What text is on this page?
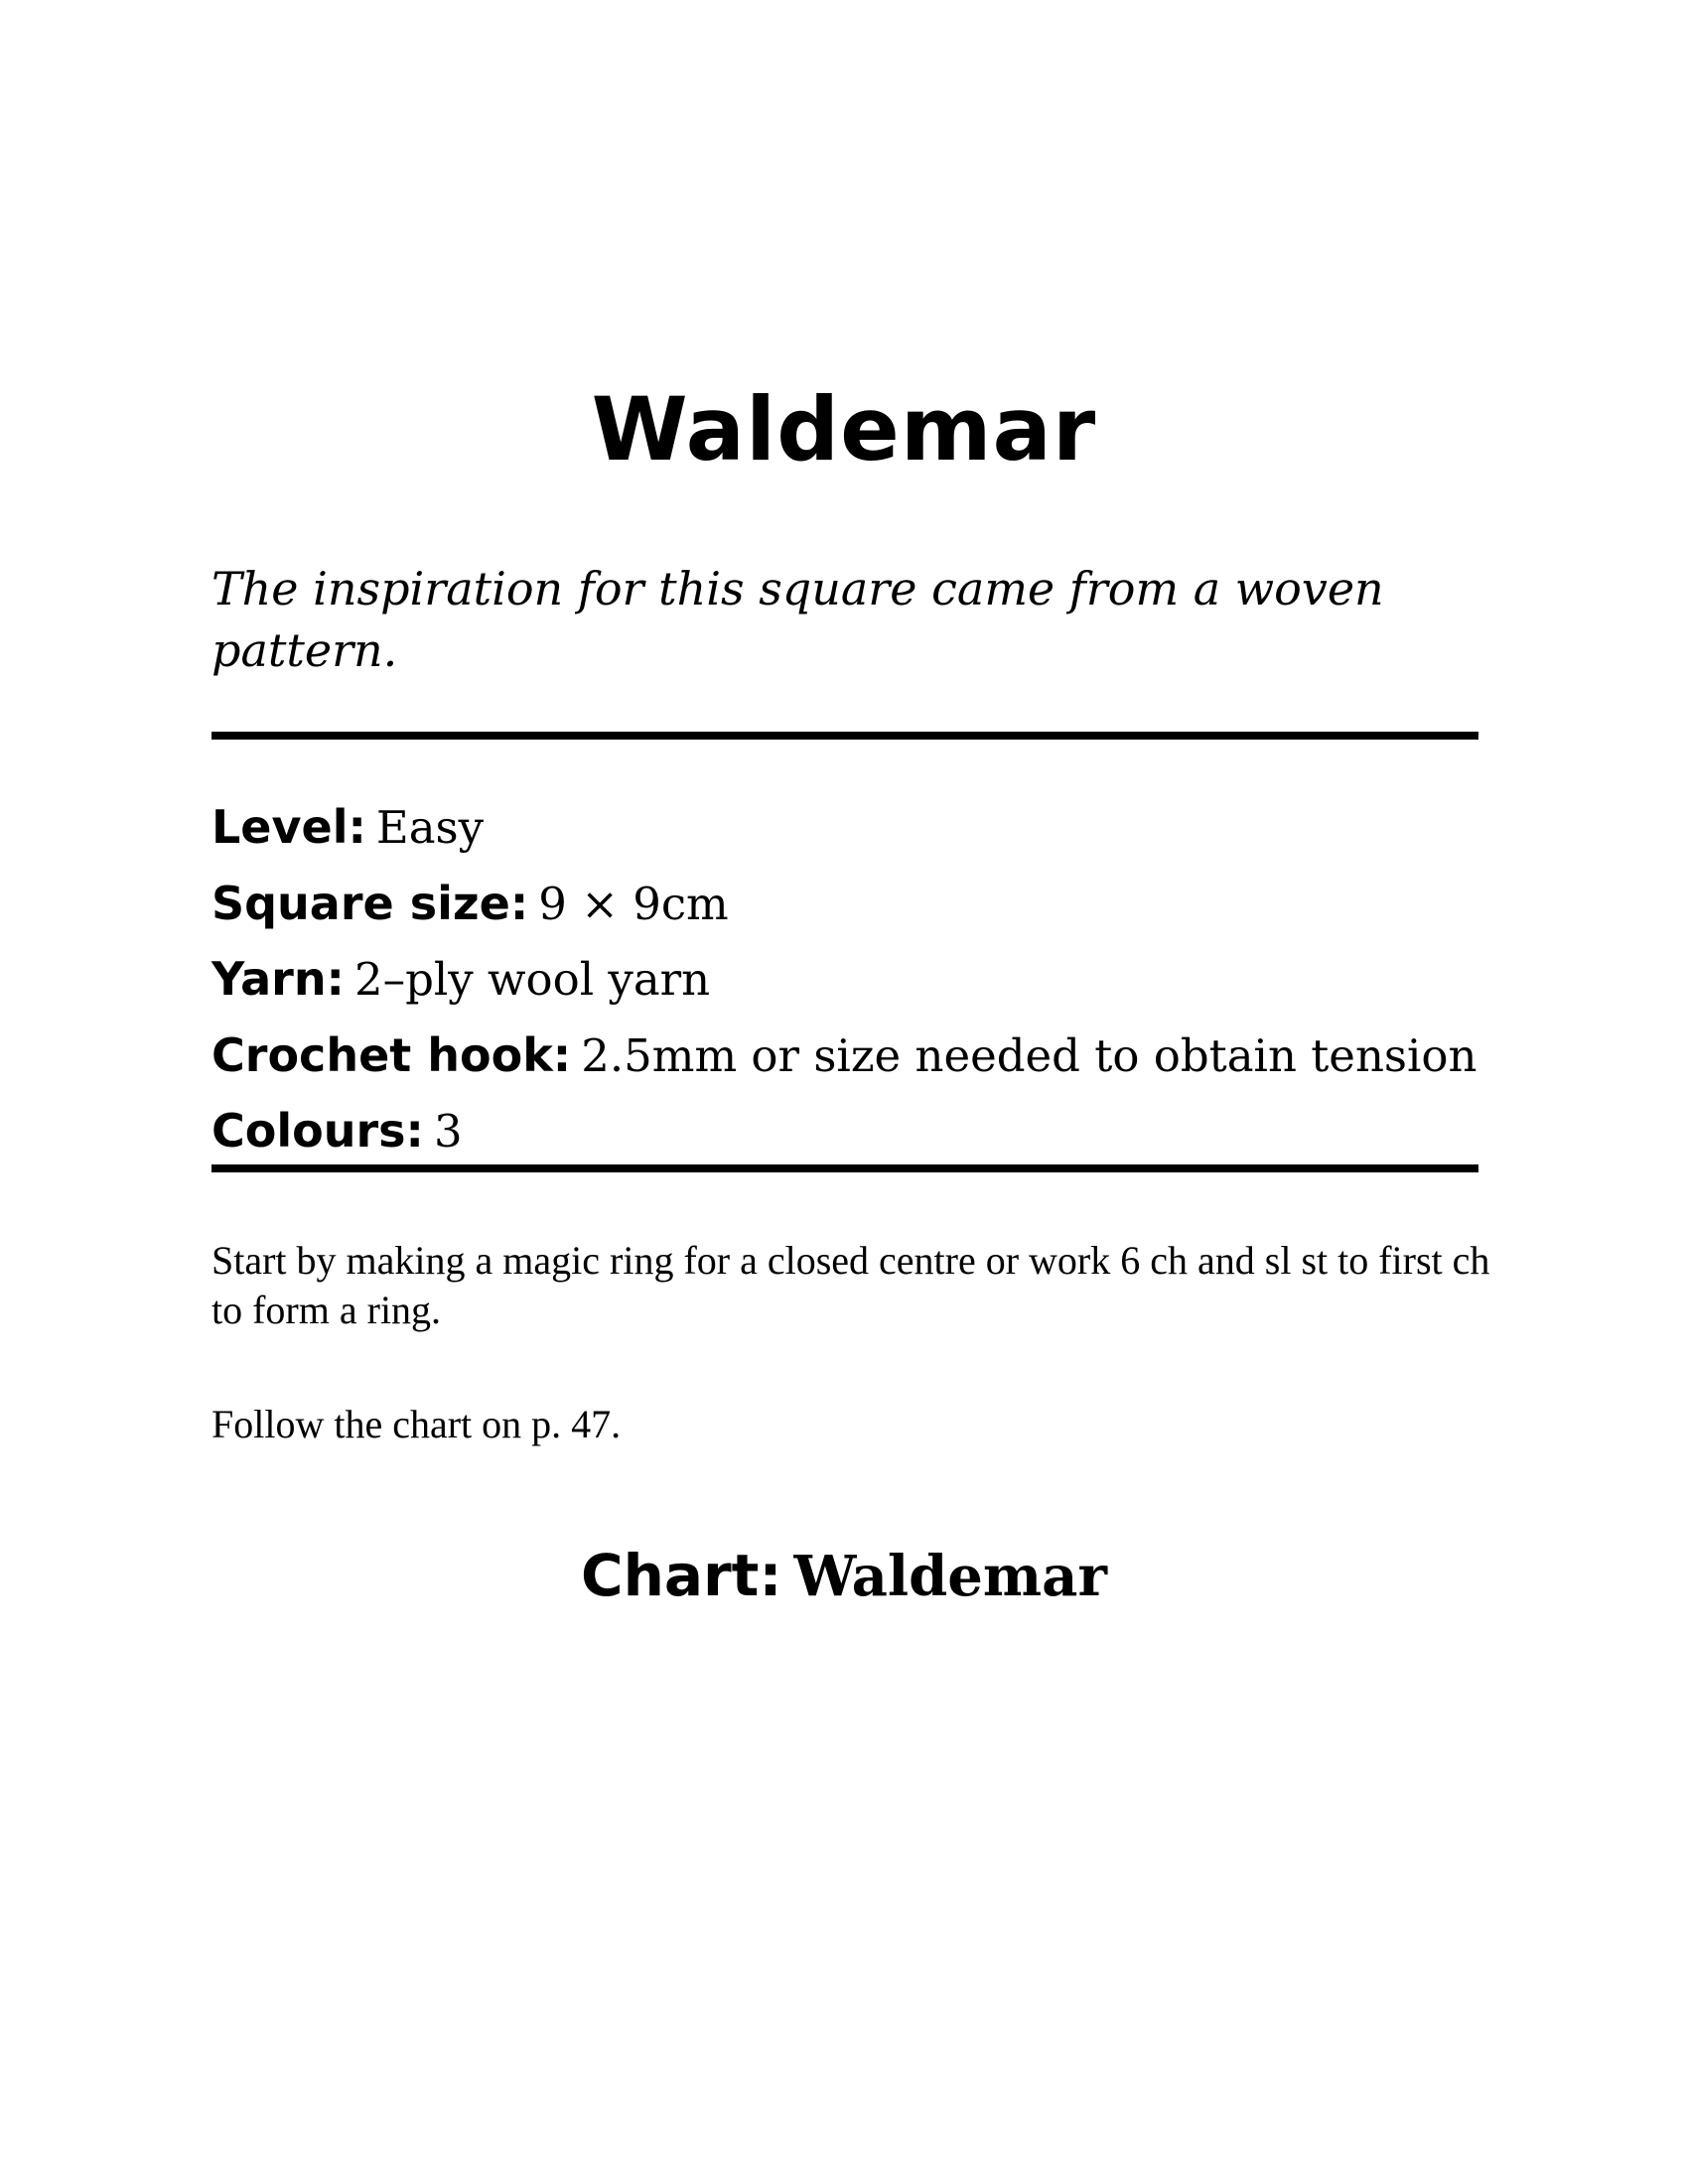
Waldemar

The inspiration for this square came from a woven pattern.

Level: Easy
Square size: 9 × 9cm
Yarn: 2–ply wool yarn
Crochet hook: 2.5mm or size needed to obtain tension
Colours: 3

Start by making a magic ring for a closed centre or work 6 ch and sl st to first ch to form a ring.

Follow the chart on p. 47.

Chart: Waldemar
